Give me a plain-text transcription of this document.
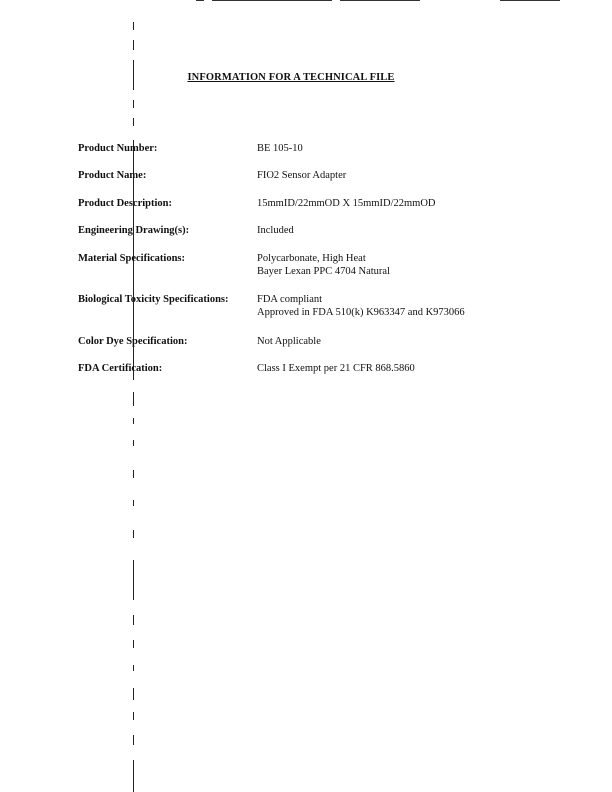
INFORMATION FOR A TECHNICAL FILE
Product Number:	BE 105-10
Product Name:	FIO2 Sensor Adapter
Product Description:	15mmID/22mmOD X 15mmID/22mmOD
Engineering Drawing(s):	Included
Material Specifications:	Polycarbonate, High Heat
Bayer Lexan PPC 4704 Natural
Biological Toxicity Specifications:	FDA compliant
Approved in FDA 510(k) K963347 and K973066
Color Dye Specification:	Not Applicable
FDA Certification:	Class I Exempt per 21 CFR 868.5860
